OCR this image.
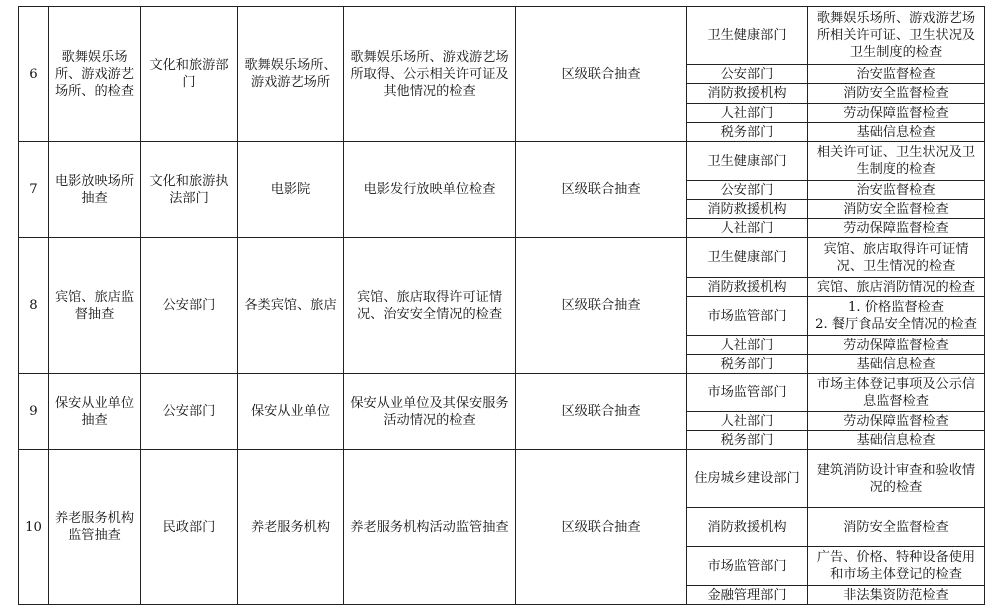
6	歌舞娱乐场所、游戏游艺场所、的检查	文化和旅游部门	歌舞娱乐场所、游戏游艺场所	歌舞娱乐场所、游戏游艺场所取得、公示相关许可证及其他情况的检查	区级联合抽查	卫生健康部门	歌舞娱乐场所、游戏游艺场所相关许可证、卫生状况及卫生制度的检查
						公安部门	治安监督检查
						消防救援机构	消防安全监督检查
						人社部门	劳动保障监督检查
						税务部门	基础信息检查
7	电影放映场所抽查	文化和旅游执法部门	电影院	电影发行放映单位检查	区级联合抽查	卫生健康部门	相关许可证、卫生状况及卫生制度的检查
						公安部门	治安监督检查
						消防救援机构	消防安全监督检查
						人社部门	劳动保障监督检查
8	宾馆、旅店监督抽查	公安部门	各类宾馆、旅店	宾馆、旅店取得许可证情况、治安安全情况的检查	区级联合抽查	卫生健康部门	宾馆、旅店取得许可证情况、卫生情况的检查
						消防救援机构	宾馆、旅店消防情况的检查
						市场监管部门	1. 价格监督检查
2. 餐厅食品安全情况的检查
						人社部门	劳动保障监督检查
						税务部门	基础信息检查
9	保安从业单位抽查	公安部门	保安从业单位	保安从业单位及其保安服务活动情况的检查	区级联合抽查	市场监管部门	市场主体登记事项及公示信息监督检查
						人社部门	劳动保障监督检查
						税务部门	基础信息检查
10	养老服务机构监管抽查	民政部门	养老服务机构	养老服务机构活动监管抽查	区级联合抽查	住房城乡建设部门	建筑消防设计审查和验收情况的检查
						消防救援机构	消防安全监督检查
						市场监管部门	广告、价格、特种设备使用和市场主体登记的检查
						金融管理部门	非法集资防范检查
